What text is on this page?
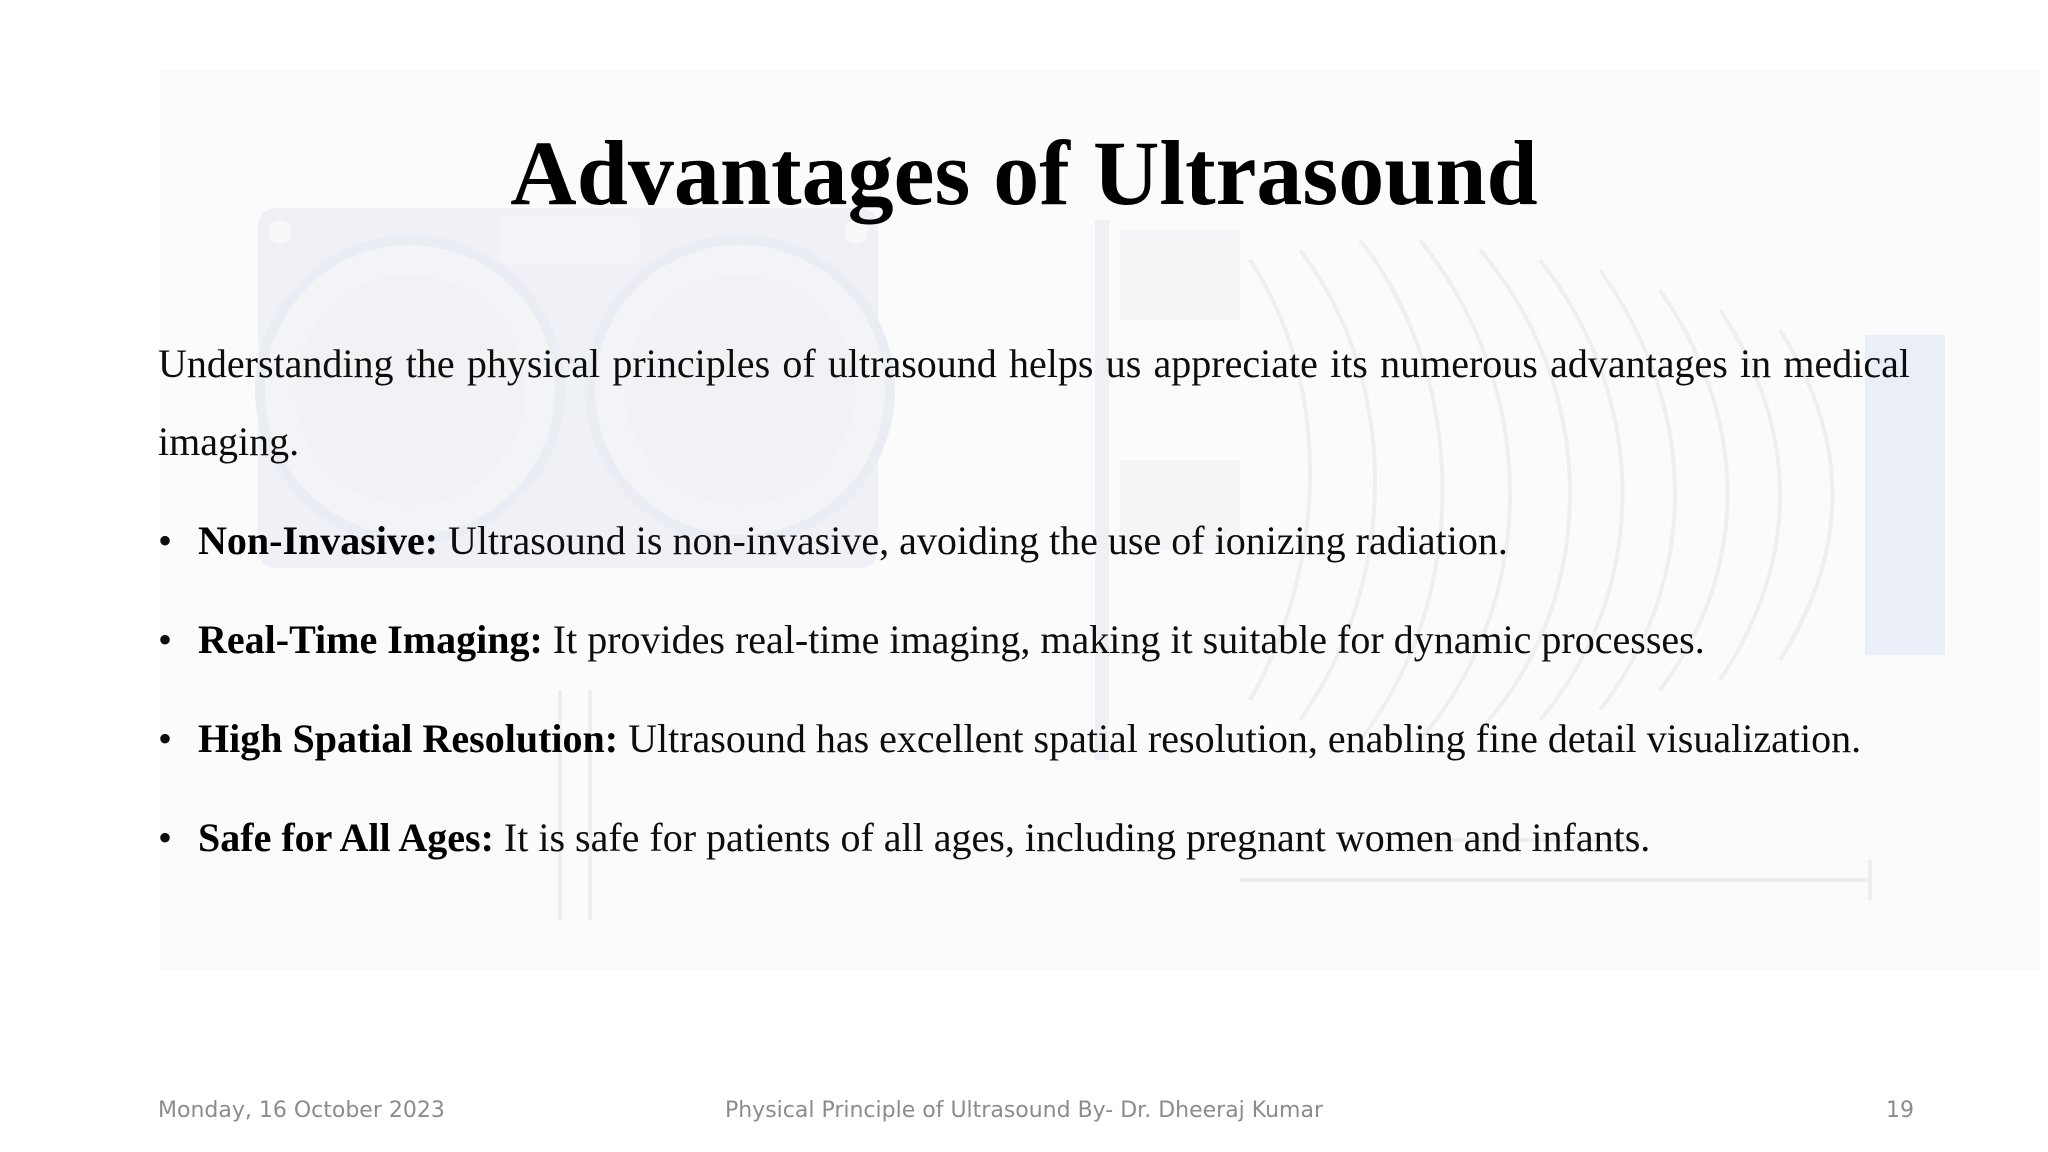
Advantages of Ultrasound

Understanding the physical principles of ultrasound helps us appreciate its numerous advantages in medical imaging.

• Non-Invasive: Ultrasound is non-invasive, avoiding the use of ionizing radiation.
• Real-Time Imaging: It provides real-time imaging, making it suitable for dynamic processes.
• High Spatial Resolution: Ultrasound has excellent spatial resolution, enabling fine detail visualization.
• Safe for All Ages: It is safe for patients of all ages, including pregnant women and infants.
Monday, 16 October 2023	Physical Principle of Ultrasound By- Dr. Dheeraj Kumar	19
